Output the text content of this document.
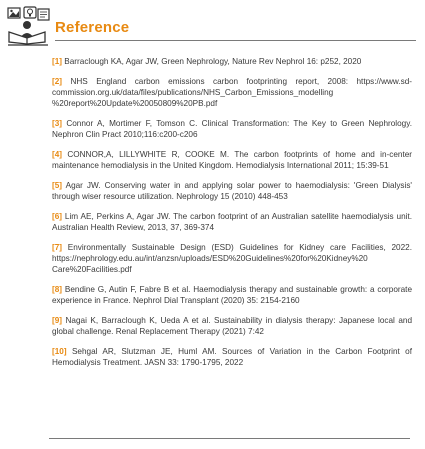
Reference
[1] Barraclough KA, Agar JW, Green Nephrology, Nature Rev Nephrol 16: p252, 2020
[2] NHS England carbon emissions carbon footprinting report, 2008: https://www.sd-commission.org.uk/data/files/publications/NHS_Carbon_Emissions_modelling %20report%20Update%20050809%20PB.pdf
[3] Connor A, Mortimer F, Tomson C. Clinical Transformation: The Key to Green Nephrology. Nephron Clin Pract 2010;116:c200-c206
[4] CONNOR,A, LILLYWHITE R, COOKE M. The carbon footprints of home and in-center maintenance hemodialysis in the United Kingdom. Hemodialysis International 2011; 15:39-51
[5] Agar JW. Conserving water in and applying solar power to haemodialysis: 'Green Dialysis' through wiser resource utilization. Nephrology 15 (2010) 448-453
[6] Lim AE, Perkins A, Agar JW. The carbon footprint of an Australian satellite haemodialysis unit. Australian Health Review, 2013, 37, 369-374
[7] Environmentally Sustainable Design (ESD) Guidelines for Kidney care Facilities, 2022. https://nephrology.edu.au/int/anzsn/uploads/ESD%20Guidelines%20for%20Kidney%20 Care%20Facilities.pdf
[8] Bendine G, Autin F, Fabre B et al. Haemodialysis therapy and sustainable growth: a corporate experience in France. Nephrol Dial Transplant (2020) 35: 2154-2160
[9] Nagai K, Barraclough K, Ueda A et al. Sustainability in dialysis therapy: Japanese local and global challenge. Renal Replacement Therapy (2021) 7:42
[10] Sehgal AR, Slutzman JE, Huml AM. Sources of Variation in the Carbon Footprint of Hemodialysis Treatment. JASN 33: 1790-1795, 2022
